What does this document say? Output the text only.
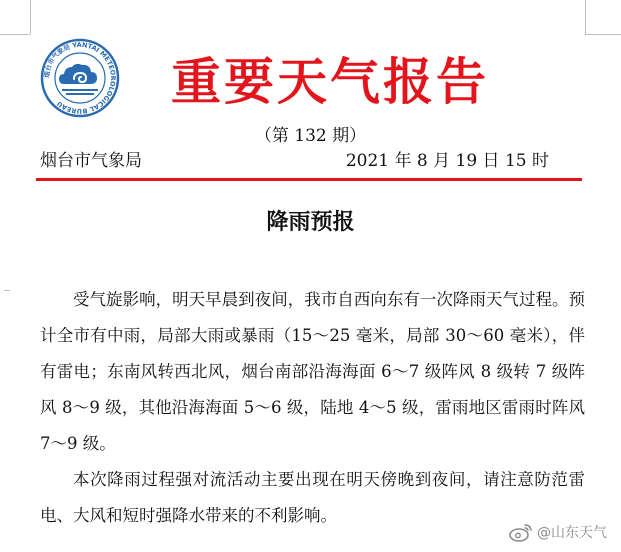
烟台市气象局 YANTAI METEOROLOGICAL BUREAU	重要天气报告
（第 132 期）
烟台市气象局	2021 年 8 月 19 日 15 时
降雨预报

受气旋影响，明天早晨到夜间，我市自西向东有一次降雨天气过程。预计全市有中雨，局部大雨或暴雨（15～25 毫米，局部 30～60 毫米），伴有雷电；东南风转西北风，烟台南部沿海海面 6～7 级阵风 8 级转 7 级阵风 8～9 级，其他沿海海面 5～6 级，陆地 4～5 级，雷雨地区雷雨时阵风 7～9 级。

本次降雨过程强对流活动主要出现在明天傍晚到夜间，请注意防范雷电、大风和短时强降水带来的不利影响。

@山东天气
